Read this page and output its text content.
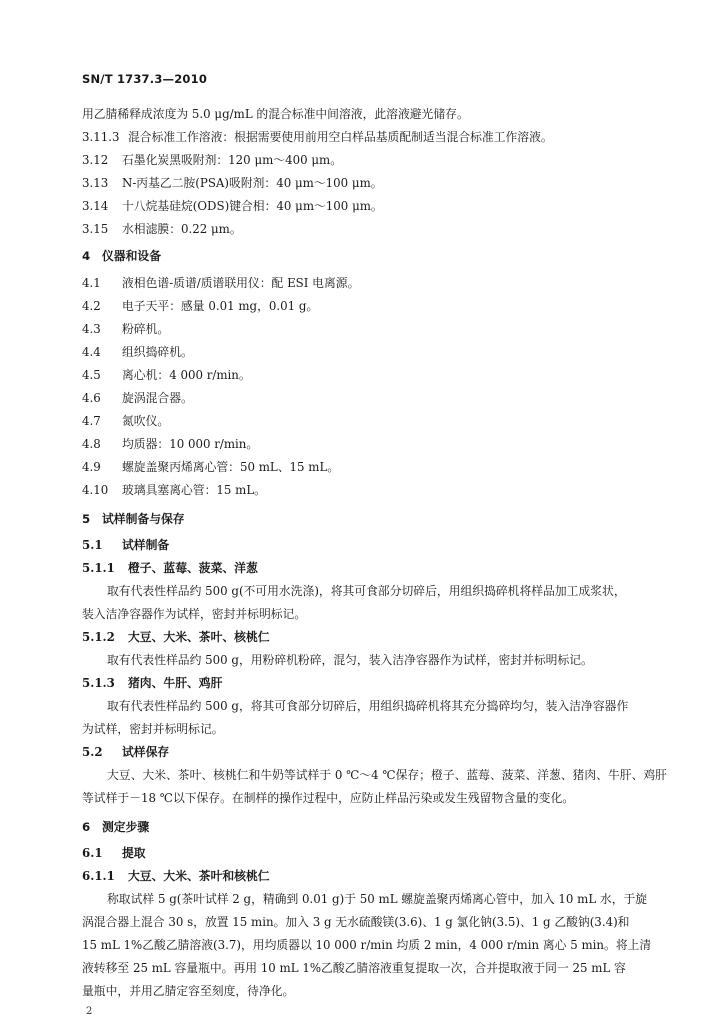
SN/T 1737.3—2010
用乙腈稀释成浓度为 5.0 μg/mL 的混合标准中间溶液，此溶液避光储存。
3.11.3 混合标准工作溶液：根据需要使用前用空白样品基质配制适当混合标准工作溶液。
3.12 石墨化炭黑吸附剂：120 μm～400 μm。
3.13 N-丙基乙二胺(PSA)吸附剂：40 μm～100 μm。
3.14 十八烷基硅烷(ODS)键合相：40 μm～100 μm。
3.15 水相滤膜：0.22 μm。
4 仪器和设备
4.1 液相色谱-质谱/质谱联用仪：配 ESI 电离源。
4.2 电子天平：感量 0.01 mg，0.01 g。
4.3 粉碎机。
4.4 组织捣碎机。
4.5 离心机：4 000 r/min。
4.6 旋涡混合器。
4.7 氮吹仪。
4.8 均质器：10 000 r/min。
4.9 螺旋盖聚丙烯离心管：50 mL、15 mL。
4.10 玻璃具塞离心管：15 mL。
5 试样制备与保存
5.1 试样制备
5.1.1 橙子、蓝莓、菠菜、洋葱
取有代表性样品约 500 g(不可用水洗涤)，将其可食部分切碎后，用组织捣碎机将样品加工成浆状，
装入洁净容器作为试样，密封并标明标记。
5.1.2 大豆、大米、茶叶、核桃仁
取有代表性样品约 500 g，用粉碎机粉碎，混匀，装入洁净容器作为试样，密封并标明标记。
5.1.3 猪肉、牛肝、鸡肝
取有代表性样品约 500 g，将其可食部分切碎后，用组织捣碎机将其充分捣碎均匀，装入洁净容器作
为试样，密封并标明标记。
5.2 试样保存
大豆、大米、茶叶、核桃仁和牛奶等试样于 0 ℃～4 ℃保存；橙子、蓝莓、菠菜、洋葱、猪肉、牛肝、鸡肝
等试样于－18 ℃以下保存。在制样的操作过程中，应防止样品污染或发生残留物含量的变化。
6 测定步骤
6.1 提取
6.1.1 大豆、大米、茶叶和核桃仁
称取试样 5 g(茶叶试样 2 g，精确到 0.01 g)于 50 mL 螺旋盖聚丙烯离心管中，加入 10 mL 水，于旋
涡混合器上混合 30 s，放置 15 min。加入 3 g 无水硫酸镁(3.6)、1 g 氯化钠(3.5)、1 g 乙酸钠(3.4)和
15 mL 1%乙酸乙腈溶液(3.7)，用均质器以 10 000 r/min 均质 2 min，4 000 r/min 离心 5 min。将上清
液转移至 25 mL 容量瓶中。再用 10 mL 1%乙酸乙腈溶液重复提取一次，合并提取液于同一 25 mL 容
量瓶中，并用乙腈定容至刻度，待净化。
2
